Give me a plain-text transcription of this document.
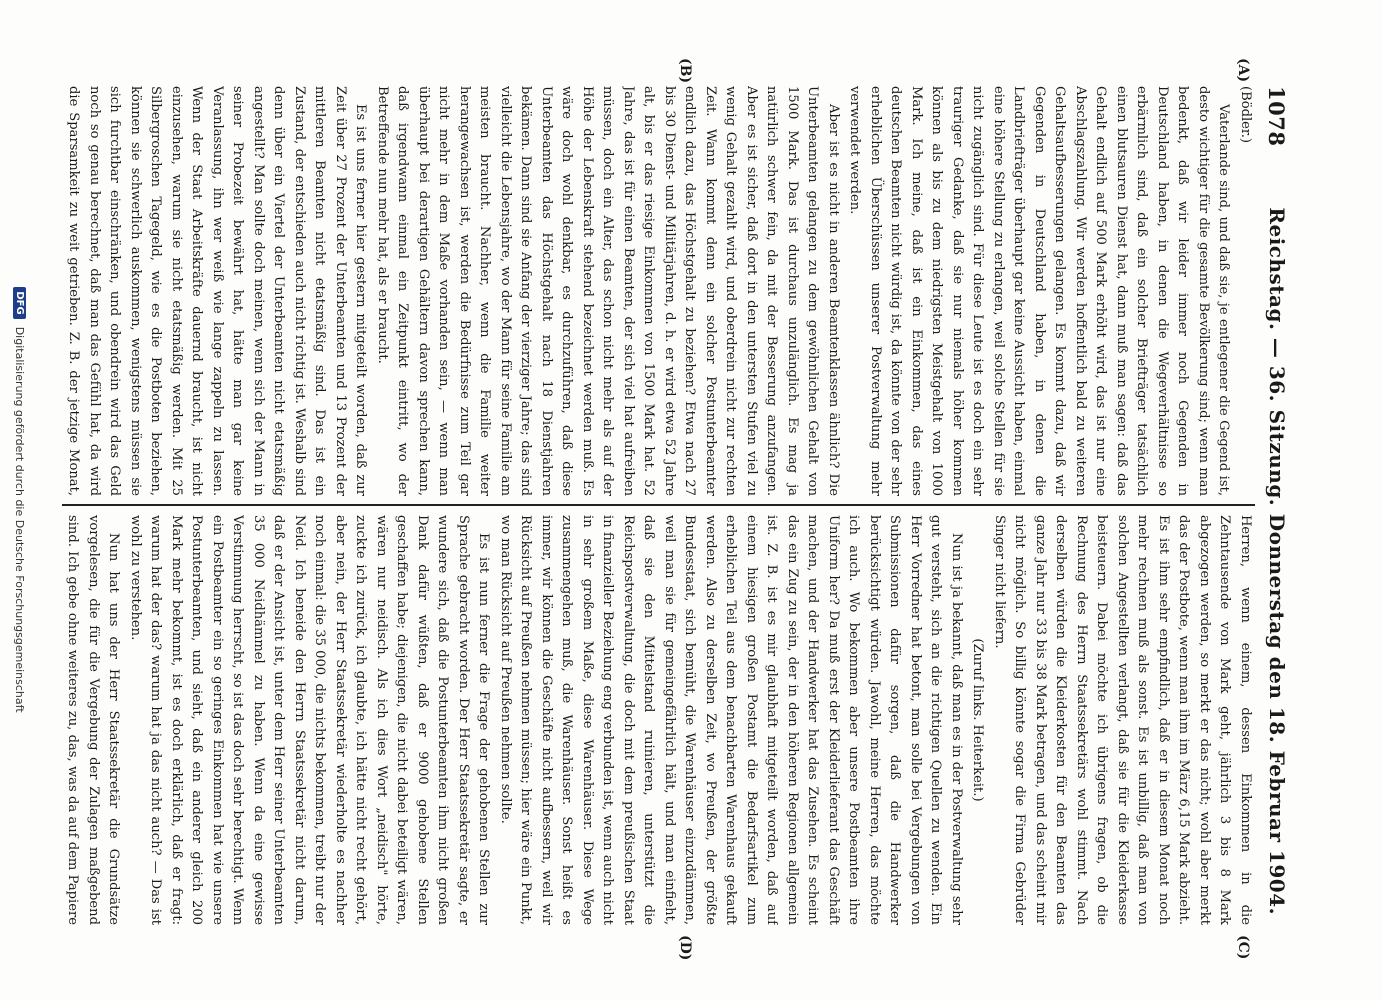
1078
Reichstag. — 36. Sitzung. Donnerstag den 18. Februar 1904.
(A)
(B)
(C)
(D)

(Bödler.)

Vaterlande sind, und daß sie, je entlegener die Gegend ist, desto wichtiger für die gesamte Bevölkerung sind; wenn man bedenkt, daß wir leider immer noch Gegenden in Deutschland haben, in denen die Wegeverhältnisse so erbärmlich sind, daß ein solcher Briefträger tatsächlich einen blutsauren Dienst hat, dann muß man sagen: daß das Gehalt endlich auf 500 Mark erhöht wird, das ist nur eine Abschlagszahlung. Wir werden hoffentlich bald zu weiteren Gehaltsaufbesserungen gelangen. Es kommt dazu, daß wir Gegenden in Deutschland haben, in denen die Landbriefträger überhaupt gar keine Aussicht haben, einmal eine höhere Stellung zu erlangen, weil solche Stellen für sie nicht zugänglich sind. Für diese Leute ist es doch ein sehr trauriger Gedanke, daß sie nur niemals höher kommen können als bis zu dem niedrigsten Meistgehalt von 1000 Mark. Ich meine, daß ist ein Einkommen, das eines deutschen Beamten nicht würdig ist, da könnte von der sehr erheblichen Überschüssen unserer Postverwaltung mehr verwendet werden.

Aber ist es nicht in anderen Beamtenklassen ähnlich? Die Unterbeamten gelangen zu dem gewöhnlichen Gehalt von 1500 Mark. Das ist durchaus unzulänglich. Es mag ja natürlich schwer fein, da mit der Besserung anzufangen. Aber es ist sicher, daß dort in den untersten Stufen viel zu wenig Gehalt gezahlt wird, und oberdrein nicht zur rechten Zeit. Wann kommt denn ein solcher Postunterbeamter endlich dazu, das Höchstgehalt zu beziehen? Etwa nach 27 bis 30 Dienst- und Militärjahren, d. h. er wird etwa 52 Jahre alt, bis er das riesige Einkommen von 1500 Mark hat. 52 Jahre, das ist für einen Beamten, der sich viel hat aufreiben müssen, doch ein Alter, das schon nicht mehr als auf der Höhe der Lebenskraft stehend bezeichnet werden muß. Es wäre doch wohl denkbar, es durchzuführen, daß diese Unterbeamten das Höchstgehalt nach 18 Dienstjahren bekämen. Dann sind sie Anfang der vierziger Jahre; das sind vielleicht die Lebensjahre, wo der Mann für seine Familie am meisten braucht. Nachher, wenn die Familie weiter herangewachsen ist, werden die Bedürfnisse zum Teil gar nicht mehr in dem Maße vorhanden sein, — wenn man überhaupt bei derartigen Gehältern davon sprechen kann, daß irgendwann einmal ein Zeitpunkt eintritt, wo der Betreffende nun mehr hat, als er braucht.

Es ist uns ferner hier gestern mitgeteilt worden, daß zur Zeit über 27 Prozent der Unterbeamten und 13 Prozent der mittleren Beamten nicht etatsmäßig sind. Das ist ein Zustand, der entschieden auch nicht richtig ist. Weshalb sind denn über ein Viertel der Unterbeamten nicht etatsmäßig angestellt? Man sollte doch meinen, wenn sich der Mann in seiner Probezeit bewährt hat, hätte man gar keine Veranlassung, ihn wer weiß wie lange zappeln zu lassen. Wenn der Staat Arbeitskräfte dauernd braucht, ist nicht einzusehen, warum sie nicht etatsmäßig werden. Mit 25 Silbergroschen Tagegeld, wie es die Postboten beziehen, können sie schwerlich auskommen, wenigstens müssen sie sich furchtbar einschränken, und obendrein wird das Geld noch so genau berechnet, daß man das Gefühl hat, da wird die Sparsamkeit zu weit getrieben. Z. B. der jetzige Monat,

Herren, wenn einem, dessen Einkommen in die Zehntausende von Mark geht, jährlich 3 bis 8 Mark abgezogen werden, so merkt er das nicht; wohl aber merkt das der Postbote, wenn man ihm im März 6,15 Mark abzieht. Es ist ihm sehr empfindlich, daß er in diesem Monat noch mehr rechnen muß als sonst. Es ist unbillig, daß man von solchen Angestellten verlangt, daß sie für die Kleiderkasse beisteuern. Dabei möchte ich übrigens fragen, ob die Rechnung des Herrn Staatssekretärs wohl stimmt. Nach derselben würden die Kleiderkosten für den Beamten das ganze Jahr nur 33 bis 38 Mark betragen, und das scheint mir nicht möglich. So billig könnte sogar die Firma Gebrüder Singer nicht liefern.

(Zuruf links. Heiterkeit.)

Nun ist ja bekannt, daß man es in der Postverwaltung sehr gut versteht, sich an die richtigen Quellen zu wenden. Ein Herr Vorredner hat betont, man solle bei Vergebungen von Submissionen dafür sorgen, daß die Handwerker berücksichtigt würden. Jawohl, meine Herren, das möchte ich auch. Wo bekommen aber unsere Postbeamten ihre Uniform her? Da muß erst der Kleiderlieferant das Geschäft machen, und der Handwerker hat das Zusehen. Es scheint das ein Zug zu sein, der in den höheren Regionen allgemein ist. Z. B. ist es mir glaubhaft mitgeteilt worden, daß auf einem hiesigen großen Postamt die Bedarfsartikel zum erheblichen Teil aus dem benachbarten Warenhaus gekauft werden. Also zu derselben Zeit, wo Preußen, der größte Bundesstaat, sich bemüht, die Warenhäuser einzudämmen, weil man sie für gemeingefährlich hält, und man einfieht, daß sie den Mittelstand ruinieren, unterstützt die Reichspostverwaltung, die doch mit dem preußischen Staat in finanzieller Beziehung eng verbunden ist, wenn auch nicht in sehr großem Maße, diese Warenhäuser. Diese Wege zusammengehen muß, die Warenhäuser. Sonst heißt es immer, wir können die Geschäfte nicht aufbessern, weil wir Rücksicht auf Preußen nehmen müssen; hier wäre ein Punkt, wo man Rücksicht auf Preußen nehmen sollte.

Es ist nun ferner die Frage der gehobenen Stellen zur Sprache gebracht worden. Der Herr Staatssekretär sagte, er wundere sich, daß die Postunterbeamten ihm nicht großen Dank dafür wüßten, daß er 9000 gehobene Stellen geschaffen habe; diejenigen, die nicht dabei beteiligt wären, wären nur neidisch. Als ich dies Wort „neidisch" hörte, zuckte ich zurück, ich glaubte, ich hätte nicht recht gehört, aber nein, der Herr Staatssekretär wiederholte es nachher noch einmal: die 35 000, die nichts bekommen, treibt nur der Neid. Ich beneide den Herrn Staatssekretär nicht darum, daß er der Ansicht ist, unter dem Herr seiner Unterbeamten 35 000 Neidhämmel zu haben. Wenn da eine gewisse Verstimmung herrscht, so ist das doch sehr berechtigt. Wenn ein Postbeamter ein so geringes Einkommen hat wie unsere Postunterbeamten, und sieht, daß ein anderer gleich 200 Mark mehr bekommt, ist es doch erklärlich, daß er fragt: warum hat der das? warum hat ja das nicht auch? — Das ist wohl zu verstehen.

Nun hat uns der Herr Staatssekretär die Grundsätze vorgelesen, die für die Vergebung der Zulagen maßgebend sind. Ich gebe ohne weiteres zu, das, was da auf dem Papiere

DFG
Digitalisierung gefördert durch die Deutsche Forschungsgemeinschaft
